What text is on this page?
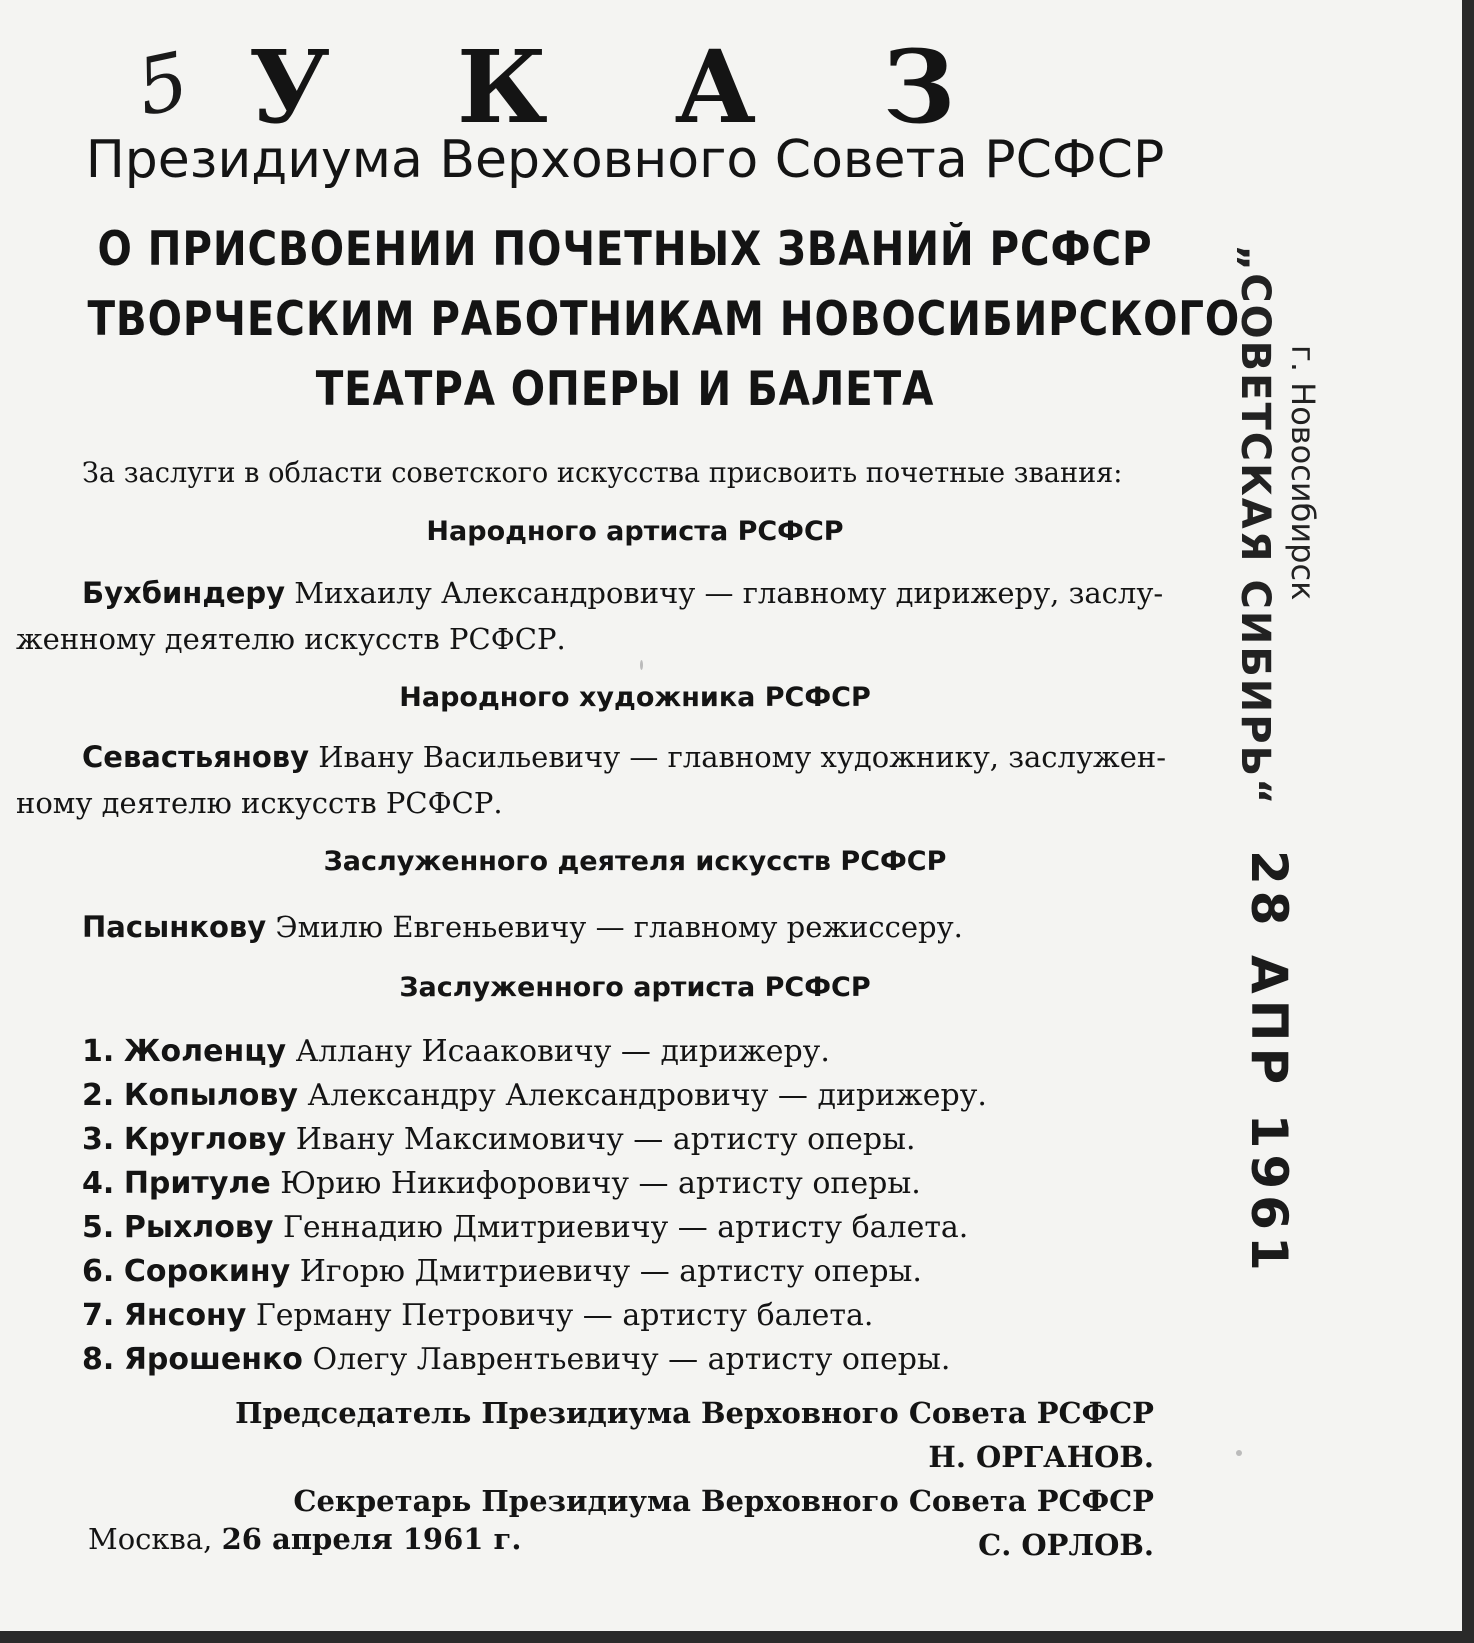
5 У К А З
Президиума Верховного Совета РСФСР
О ПРИСВОЕНИИ ПОЧЕТНЫХ ЗВАНИЙ РСФСР
ТВОРЧЕСКИМ РАБОТНИКАМ НОВОСИБИРСКОГО
ТЕАТРА ОПЕРЫ И БАЛЕТА
За заслуги в области советского искусства присвоить почетные звания:
Народного артиста РСФСР
Бухбиндеру Михаилу Александровичу — главному дирижеру, заслу-
женному деятелю искусств РСФСР.
Народного художника РСФСР
Севастьянову Ивану Васильевичу — главному художнику, заслужен-
ному деятелю искусств РСФСР.
Заслуженного деятеля искусств РСФСР
Пасынкову Эмилю Евгеньевичу — главному режиссеру.
Заслуженного артиста РСФСР
1. Жоленцу Аллану Исааковичу — дирижеру.
2. Копылову Александру Александровичу — дирижеру.
3. Круглову Ивану Максимовичу — артисту оперы.
4. Притуле Юрию Никифоровичу — артисту оперы.
5. Рыхлову Геннадию Дмитриевичу — артисту балета.
6. Сорокину Игорю Дмитриевичу — артисту оперы.
7. Янсону Герману Петровичу — артисту балета.
8. Ярошенко Олегу Лаврентьевичу — артисту оперы.
Председатель Президиума Верховного Совета РСФСР
Н. ОРГАНОВ.
Секретарь Президиума Верховного Совета РСФСР
С. ОРЛОВ.
Москва, 26 апреля 1961 г.
„СОВЕТСКАЯ СИБИРЬ“ г. Новосибирск
28 АПР 1961
